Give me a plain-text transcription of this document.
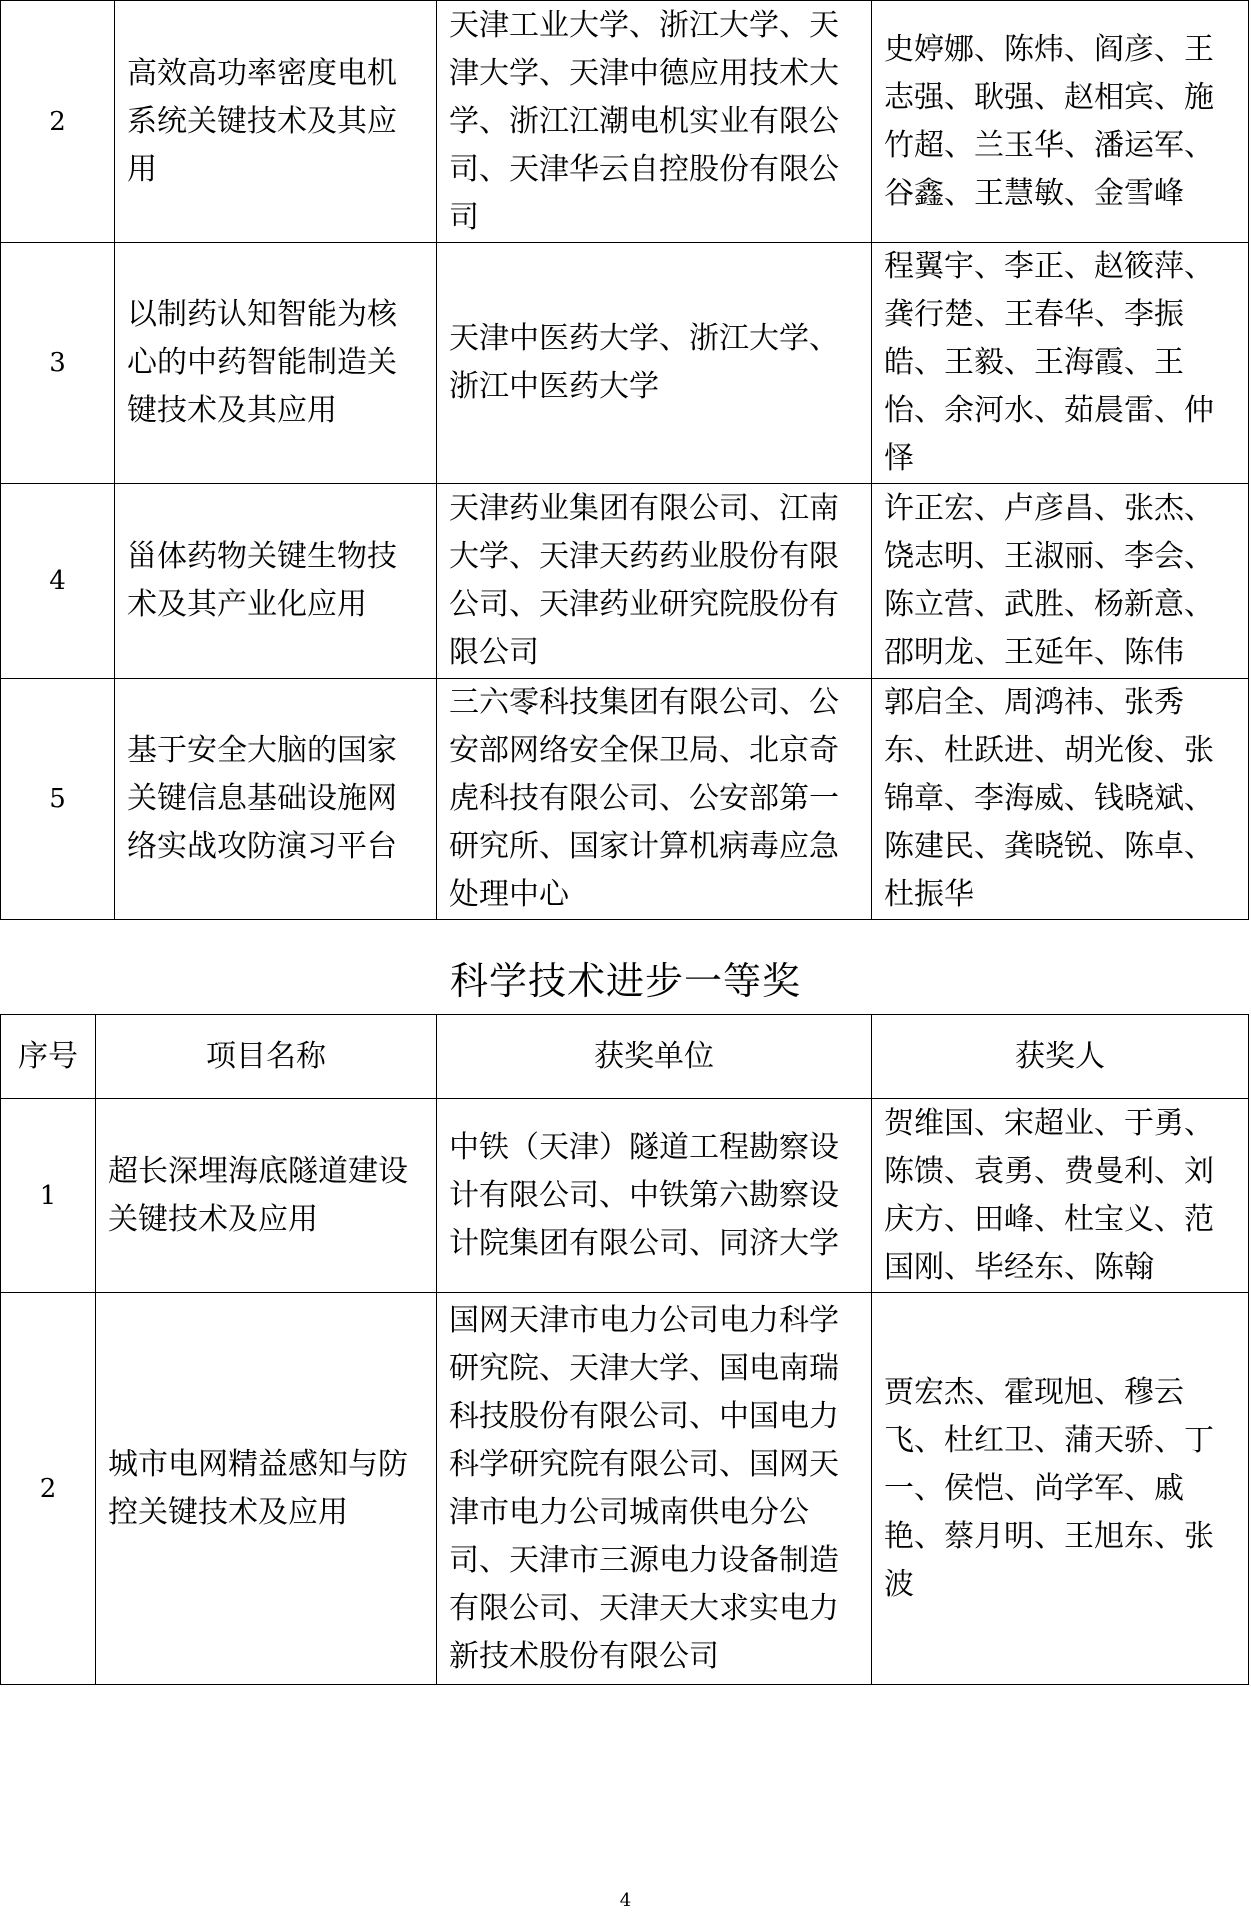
2	高效高功率密度电机系统关键技术及其应用	天津工业大学、浙江大学、天津大学、天津中德应用技术大学、浙江江潮电机实业有限公司、天津华云自控股份有限公司	史婷娜、陈炜、阎彦、王志强、耿强、赵相宾、施竹超、兰玉华、潘运军、谷鑫、王慧敏、金雪峰
3	以制药认知智能为核心的中药智能制造关键技术及其应用	天津中医药大学、浙江大学、浙江中医药大学	程翼宇、李正、赵筱萍、龚行楚、王春华、李振皓、王毅、王海霞、王怡、余河水、茹晨雷、仲怿
4	甾体药物关键生物技术及其产业化应用	天津药业集团有限公司、江南大学、天津天药药业股份有限公司、天津药业研究院股份有限公司	许正宏、卢彦昌、张杰、饶志明、王淑丽、李会、陈立营、武胜、杨新意、邵明龙、王延年、陈伟
5	基于安全大脑的国家关键信息基础设施网络实战攻防演习平台	三六零科技集团有限公司、公安部网络安全保卫局、北京奇虎科技有限公司、公安部第一研究所、国家计算机病毒应急处理中心	郭启全、周鸿祎、张秀东、杜跃进、胡光俊、张锦章、李海威、钱晓斌、陈建民、龚晓锐、陈卓、杜振华
科学技术进步一等奖
序号	项目名称	获奖单位	获奖人
1	超长深埋海底隧道建设关键技术及应用	中铁（天津）隧道工程勘察设计有限公司、中铁第六勘察设计院集团有限公司、同济大学	贺维国、宋超业、于勇、陈馈、袁勇、费曼利、刘庆方、田峰、杜宝义、范国刚、毕经东、陈翰
2	城市电网精益感知与防控关键技术及应用	国网天津市电力公司电力科学研究院、天津大学、国电南瑞科技股份有限公司、中国电力科学研究院有限公司、国网天津市电力公司城南供电分公司、天津市三源电力设备制造有限公司、天津天大求实电力新技术股份有限公司	贾宏杰、霍现旭、穆云飞、杜红卫、蒲天骄、丁一、侯恺、尚学军、戚艳、蔡月明、王旭东、张波
4
